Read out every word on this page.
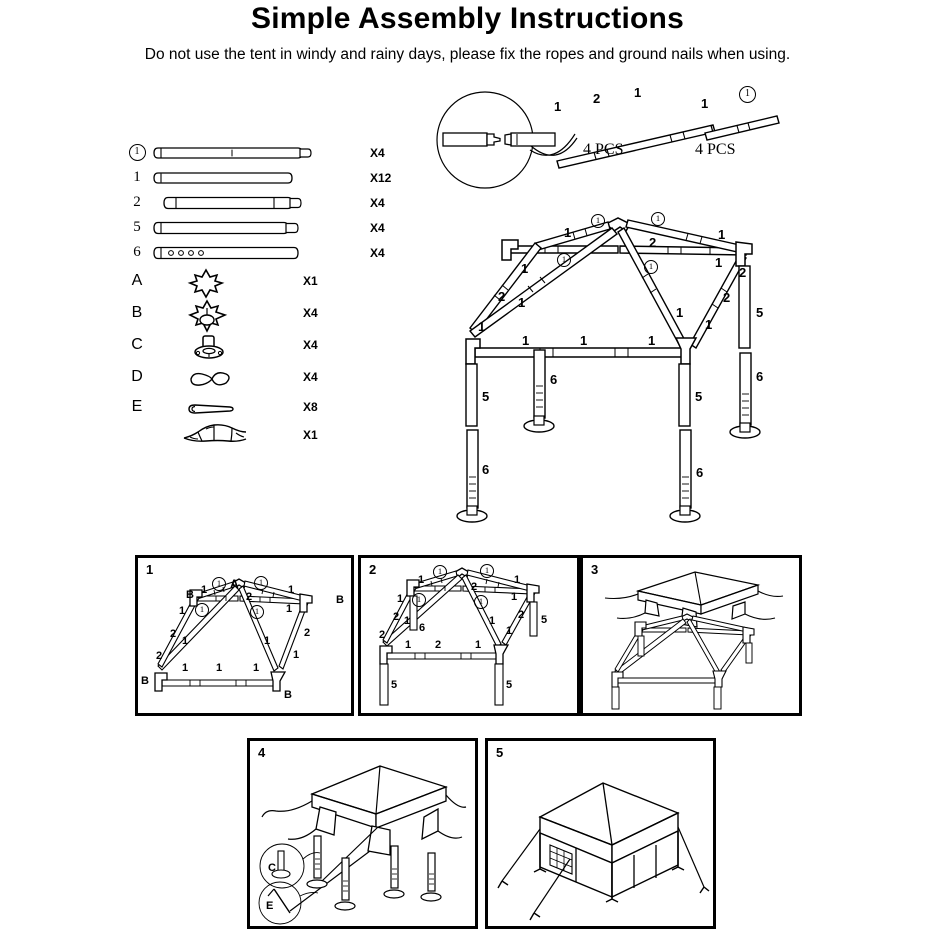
Simple Assembly Instructions
Do not use the tent in windy and rainy days, please fix the ropes and ground nails when using.
1	X4
1	X12
2	X4
5	X4
6	X4
A	X1
B	X4
C	X4
D	X4
E	X8
X1
1
2	1
4 PCS
1
1
4 PCS
1	1
1
1
1	1
1
2
1
2 1
1
1
1
2
2
1	1	1
5	5
5
6
6
6
6
1
A
B	B
B
B
1	1
1	1
1
2
1
1
2
1
1
2
1	1	1
1
2
1
2	1	1
1	1
1
2
1
1
2 1
1
2
1 2	1
1 2
1
6
5
5	5
3
4
C
E
5
